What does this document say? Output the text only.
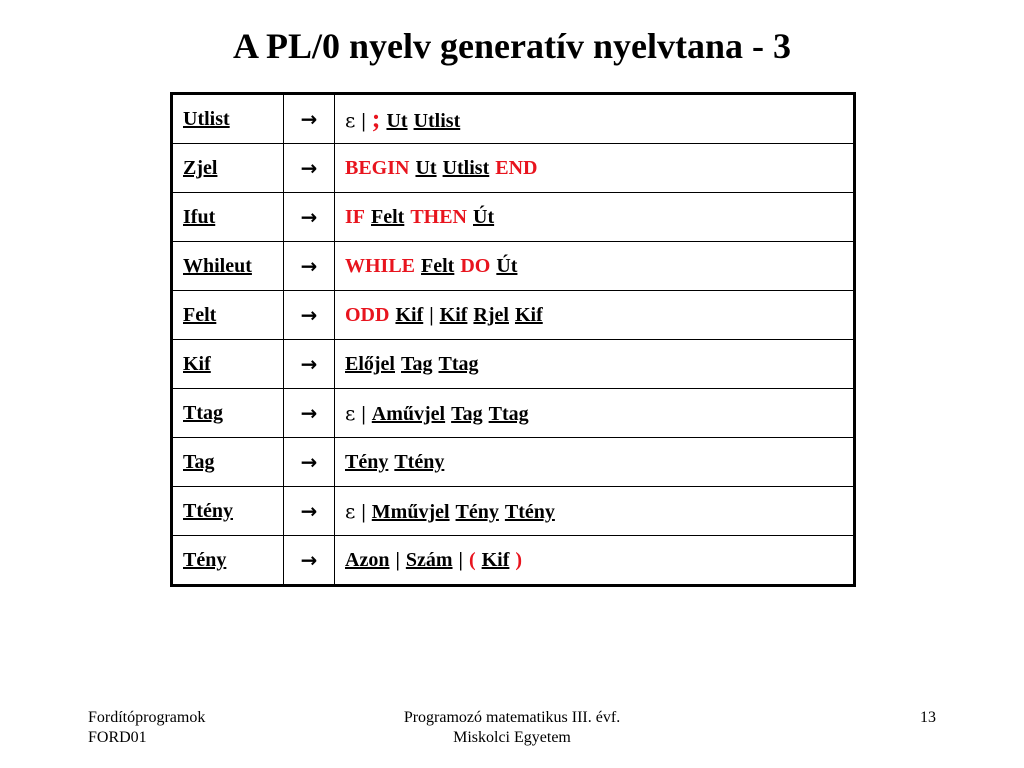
A PL/0 nyelv generatív nyelvtana - 3
Utlist	→	ε | ; Ut Utlist
Zjel	→	BEGIN Ut Utlist END
Ifut	→	IF Felt THEN Út
Whileut	→	WHILE Felt DO Út
Felt	→	ODD Kif | Kif Rjel Kif
Kif	→	Előjel Tag Ttag
Ttag	→	ε | Aművjel Tag Ttag
Tag	→	Tény Ttény
Ttény	→	ε | Mművjel Tény Ttény
Tény	→	Azon | Szám | ( Kif )
Fordítóprogramok
FORD01
Programozó matematikus III. évf.
Miskolci Egyetem
13
